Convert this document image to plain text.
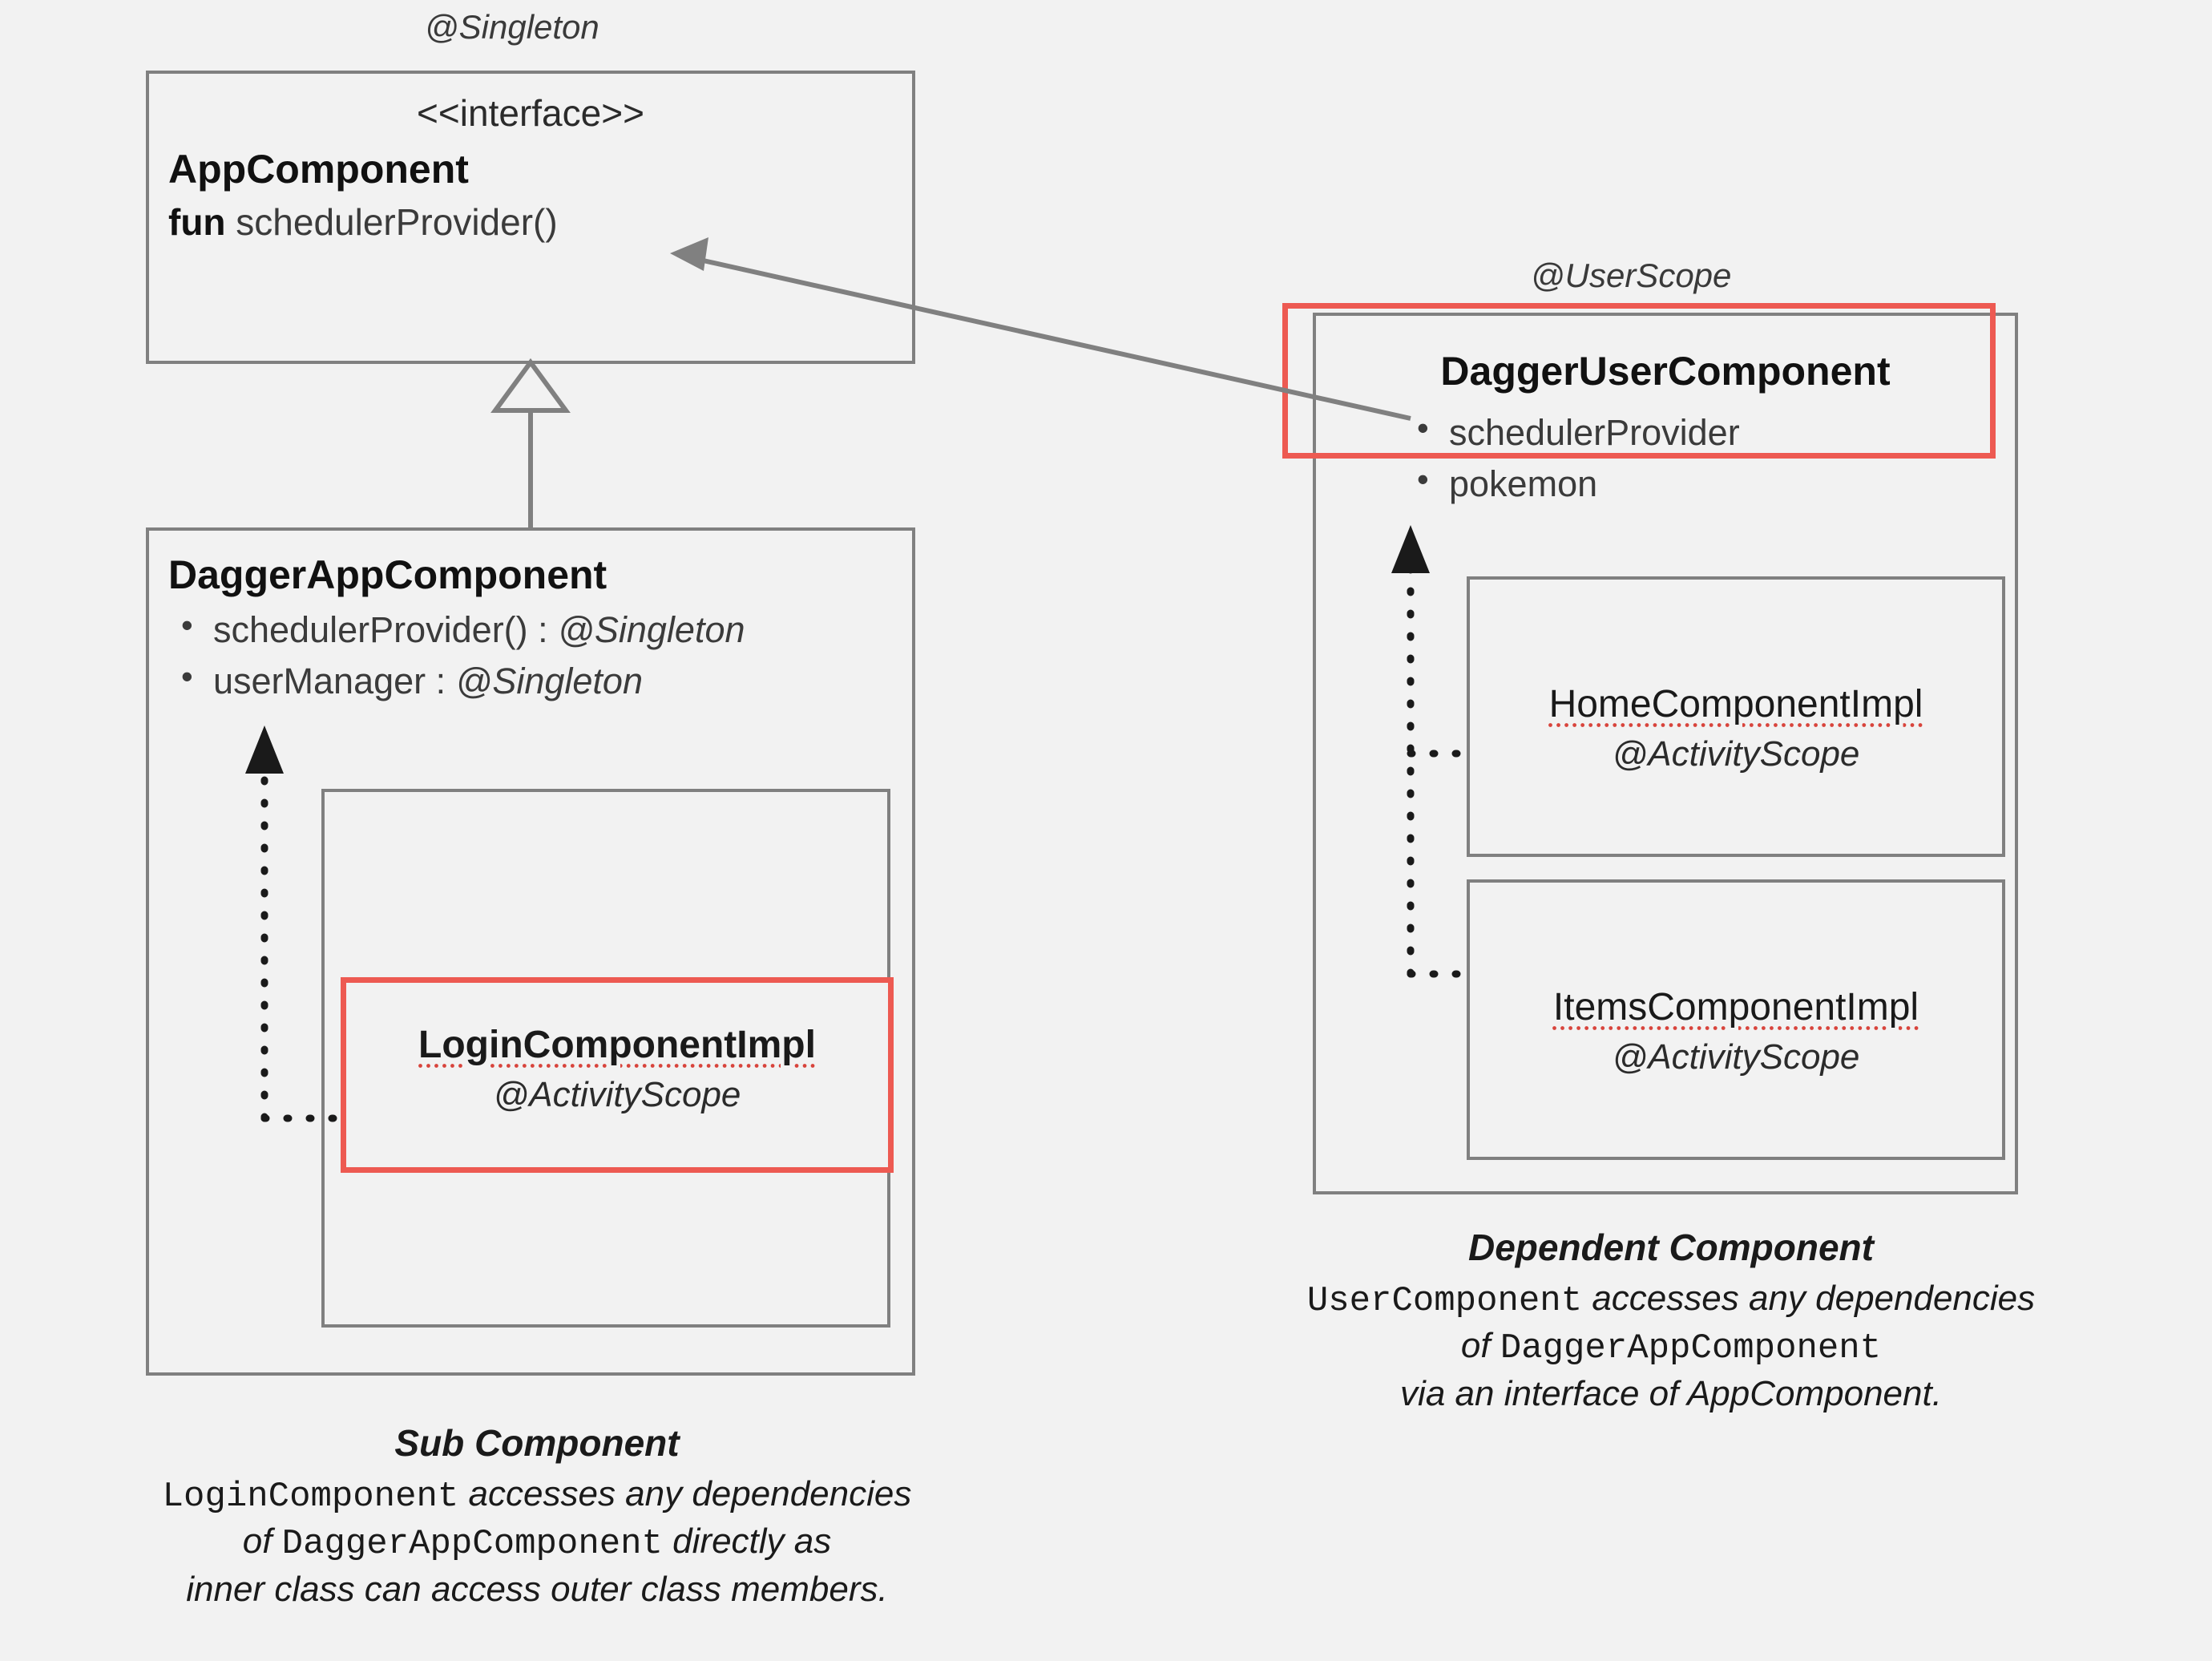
@Singleton
<<interface>>
AppComponent
fun schedulerProvider()
DaggerAppComponent
• schedulerProvider() : @Singleton
• userManager : @Singleton
LoginComponentImpl
@ActivityScope
Sub Component
LoginComponent accesses any dependencies
of DaggerAppComponent directly as
inner class can access outer class members.
@UserScope
DaggerUserComponent
• schedulerProvider
• pokemon
HomeComponentImpl
@ActivityScope
ItemsComponentImpl
@ActivityScope
Dependent Component
UserComponent accesses any dependencies
of DaggerAppComponent
via an interface of AppComponent.
